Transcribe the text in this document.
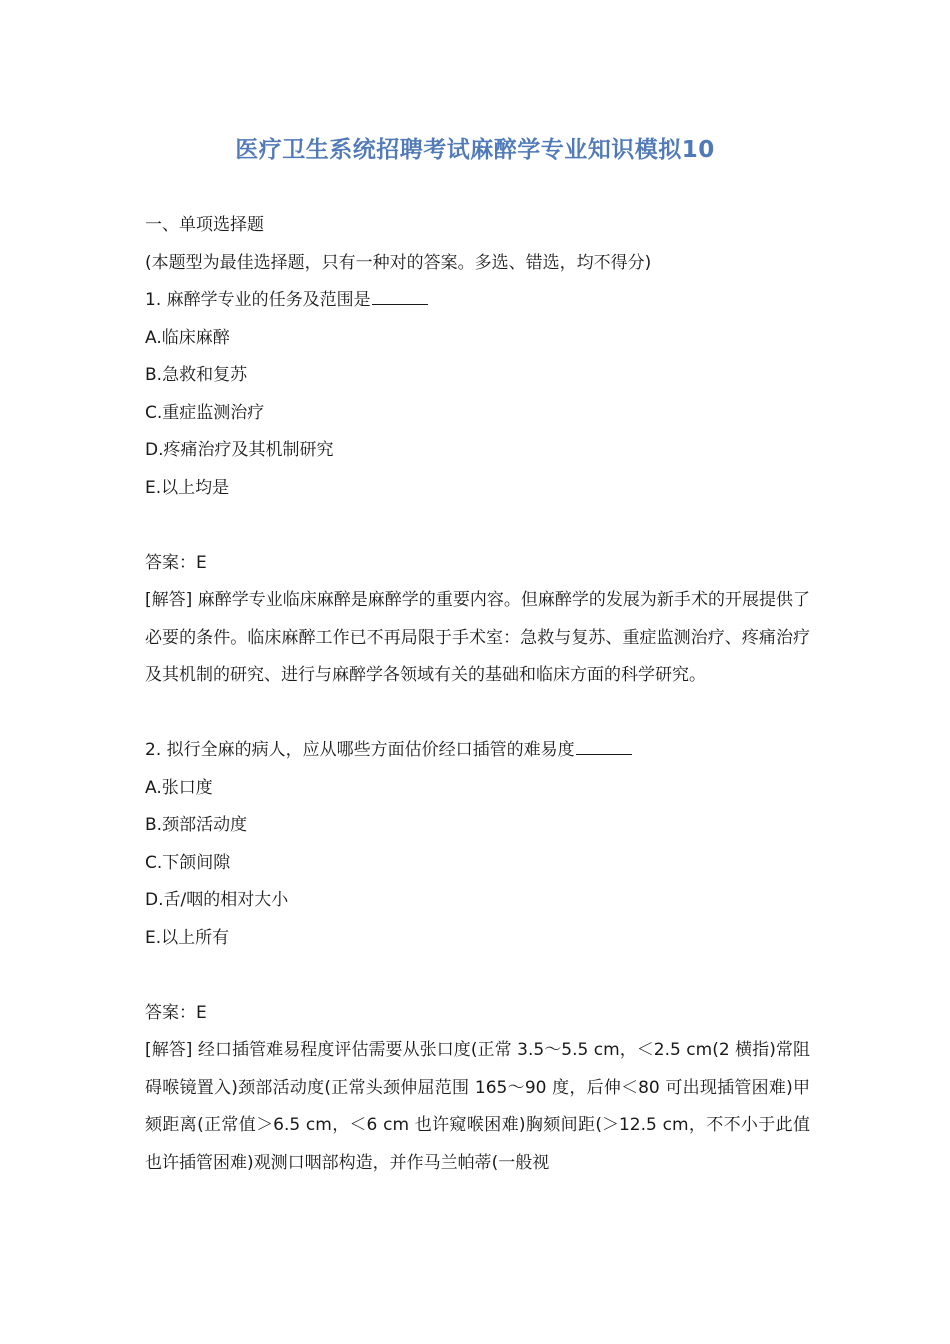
医疗卫生系统招聘考试麻醉学专业知识模拟10
一、单项选择题
(本题型为最佳选择题，只有一种对的答案。多选、错选，均不得分)
1. 麻醉学专业的任务及范围是
A.临床麻醉
B.急救和复苏
C.重症监测治疗
D.疼痛治疗及其机制研究
E.以上均是
答案：E
[解答] 麻醉学专业临床麻醉是麻醉学的重要内容。但麻醉学的发展为新手术的开展提供了必要的条件。临床麻醉工作已不再局限于手术室：急救与复苏、重症监测治疗、疼痛治疗及其机制的研究、进行与麻醉学各领域有关的基础和临床方面的科学研究。
2. 拟行全麻的病人，应从哪些方面估价经口插管的难易度
A.张口度
B.颈部活动度
C.下颌间隙
D.舌/咽的相对大小
E.以上所有
答案：E
[解答] 经口插管难易程度评估需要从张口度(正常 3.5～5.5 cm，＜2.5 cm(2 横指)常阻碍喉镜置入)颈部活动度(正常头颈伸屈范围 165～90 度，后伸＜80 可出现插管困难)甲颏距离(正常值＞6.5 cm，＜6 cm 也许窥喉困难)胸颏间距(＞12.5 cm，不不小于此值也许插管困难)观测口咽部构造，并作马兰帕蒂(一般视
